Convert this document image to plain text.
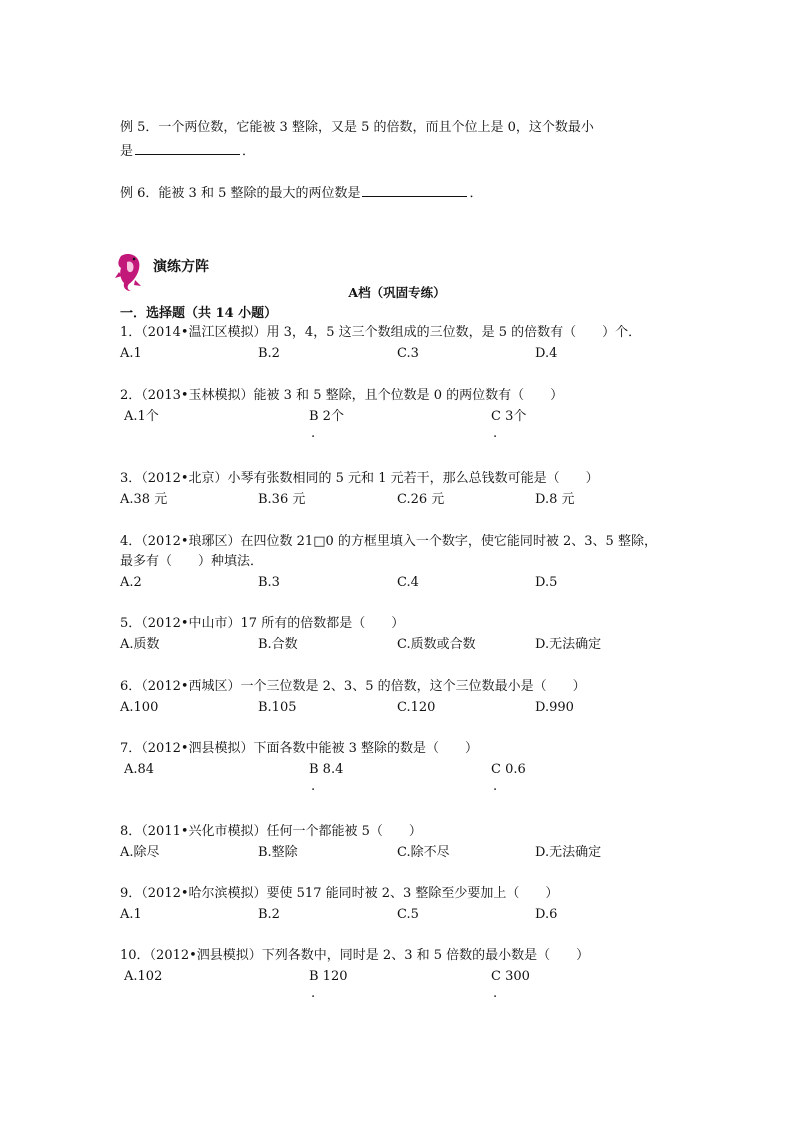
例 5．一个两位数，它能被 3 整除，又是 5 的倍数，而且个位上是 0，这个数最小
是	．
例 6．能被 3 和 5 整除的最大的两位数是	．
演练方阵
A档（巩固专练）
一．选择题（共 14 小题）
1．（2014•温江区模拟）用 3，4，5 这三个数组成的三位数，是 5 的倍数有（　　）个．
A.1	B.2	C.3	D.4
2．（2013•玉林模拟）能被 3 和 5 整除，且个位数是 0 的两位数有（　　）
A.1个	B 2个	C 3个
.	.
3．（2012•北京）小琴有张数相同的 5 元和 1 元若干，那么总钱数可能是（　　）
A.38 元	B.36 元	C.26 元	D.8 元
4．（2012•琅琊区）在四位数 21□0 的方框里填入一个数字，使它能同时被 2、3、5 整除，
最多有（　　）种填法．
A.2	B.3	C.4	D.5
5．（2012•中山市）17 所有的倍数都是（　　）
A.质数	B.合数	C.质数或合数	D.无法确定
6．（2012•西城区）一个三位数是 2、3、5 的倍数，这个三位数最小是（　　）
A.100	B.105	C.120	D.990
7．（2012•泗县模拟）下面各数中能被 3 整除的数是（　　）
A.84	B 8.4	C 0.6
.	.
8．（2011•兴化市模拟）任何一个都能被 5（　　）
A.除尽	B.整除	C.除不尽	D.无法确定
9．（2012•哈尔滨模拟）要使 517 能同时被 2、3 整除至少要加上（　　）
A.1	B.2	C.5	D.6
10．（2012•泗县模拟）下列各数中，同时是 2、3 和 5 倍数的最小数是（　　）
A.102	B 120	C 300
.	.
